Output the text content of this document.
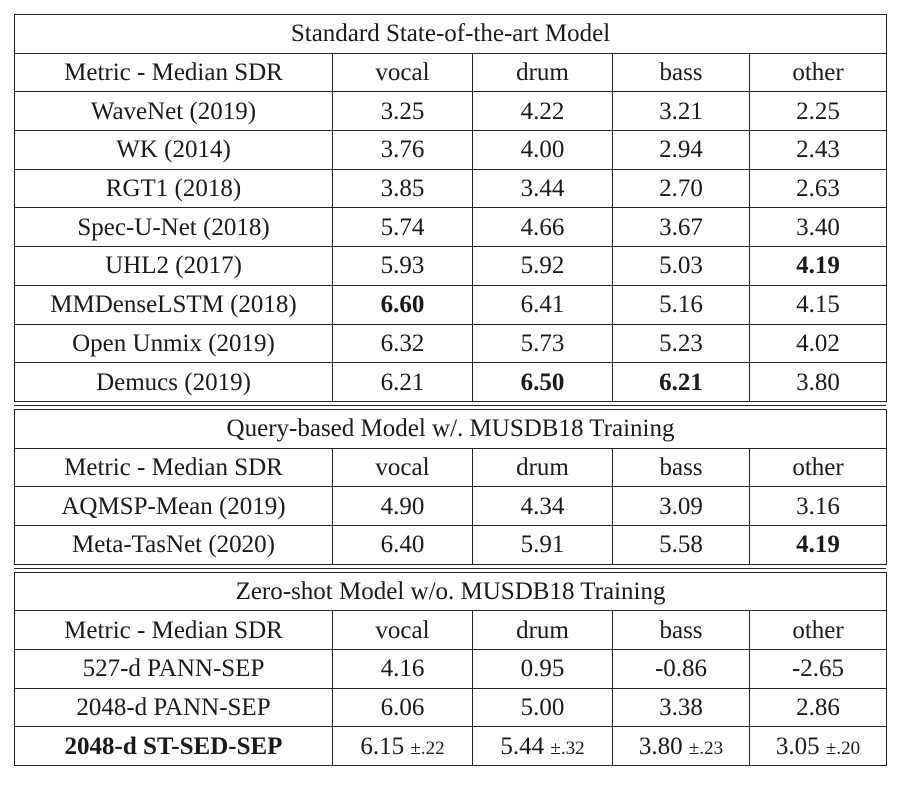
Standard State-of-the-art Model				
Metric - Median SDR	vocal	drum	bass	other
WaveNet (2019)	3.25	4.22	3.21	2.25
WK (2014)	3.76	4.00	2.94	2.43
RGT1 (2018)	3.85	3.44	2.70	2.63
Spec-U-Net (2018)	5.74	4.66	3.67	3.40
UHL2 (2017)	5.93	5.92	5.03	4.19
MMDenseLSTM (2018)	6.60	6.41	5.16	4.15
Open Unmix (2019)	6.32	5.73	5.23	4.02
Demucs (2019)	6.21	6.50	6.21	3.80
Query-based Model w/. MUSDB18 Training				
Metric - Median SDR	vocal	drum	bass	other
AQMSP-Mean (2019)	4.90	4.34	3.09	3.16
Meta-TasNet (2020)	6.40	5.91	5.58	4.19
Zero-shot Model w/o. MUSDB18 Training				
Metric - Median SDR	vocal	drum	bass	other
527-d PANN-SEP	4.16	0.95	-0.86	-2.65
2048-d PANN-SEP	6.06	5.00	3.38	2.86
2048-d ST-SED-SEP	6.15 ±.22	5.44 ±.32	3.80 ±.23	3.05 ±.20
